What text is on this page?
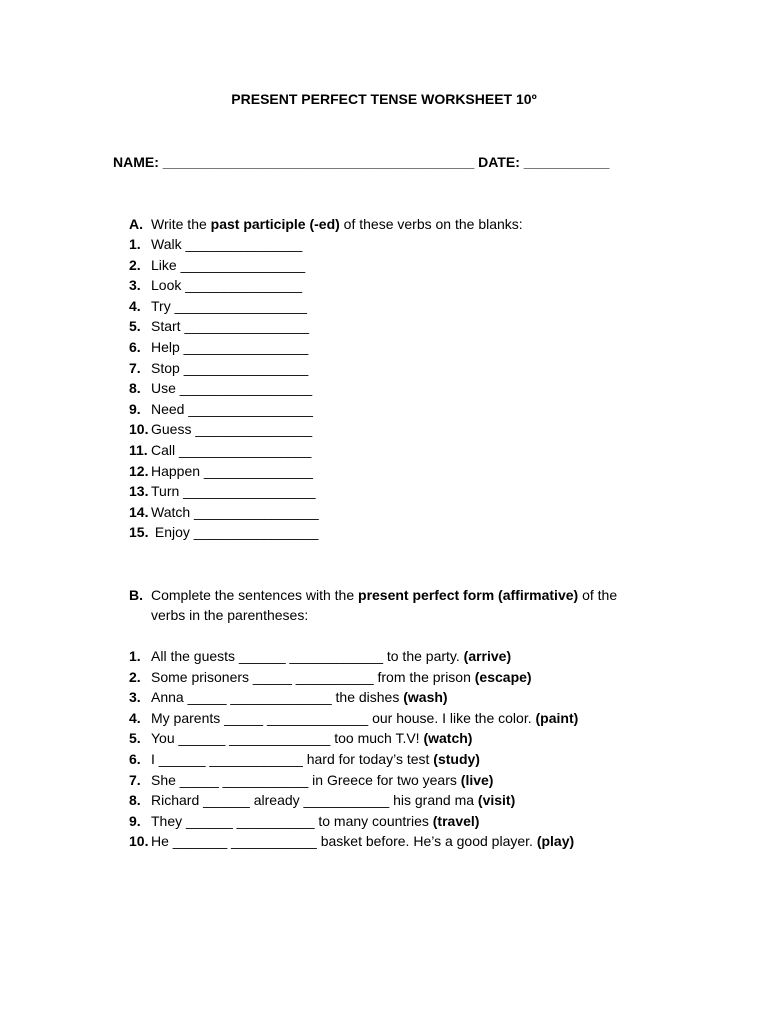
PRESENT PERFECT TENSE WORKSHEET 10º
NAME: ________________________________________ DATE: ___________
A. Write the past participle (-ed) of these verbs on the blanks:
1. Walk _______________
2. Like ________________
3. Look _______________
4. Try _________________
5. Start ________________
6. Help ________________
7. Stop ________________
8. Use _________________
9. Need ________________
10. Guess _______________
11. Call _________________
12. Happen ______________
13. Turn _________________
14. Watch ________________
15. Enjoy ________________
B. Complete the sentences with the present perfect form (affirmative) of the
verbs in the parentheses:
1. All the guests ______ ____________ to the party. (arrive)
2. Some prisoners _____ __________ from the prison (escape)
3. Anna _____ _____________ the dishes (wash)
4. My parents _____ _____________ our house. I like the color. (paint)
5. You ______ _____________ too much T.V! (watch)
6. I ______ ____________ hard for today’s test (study)
7. She _____ ___________ in Greece for two years (live)
8. Richard ______ already ___________ his grand ma (visit)
9. They ______ __________ to many countries (travel)
10. He _______ ___________ basket before. He’s a good player. (play)
